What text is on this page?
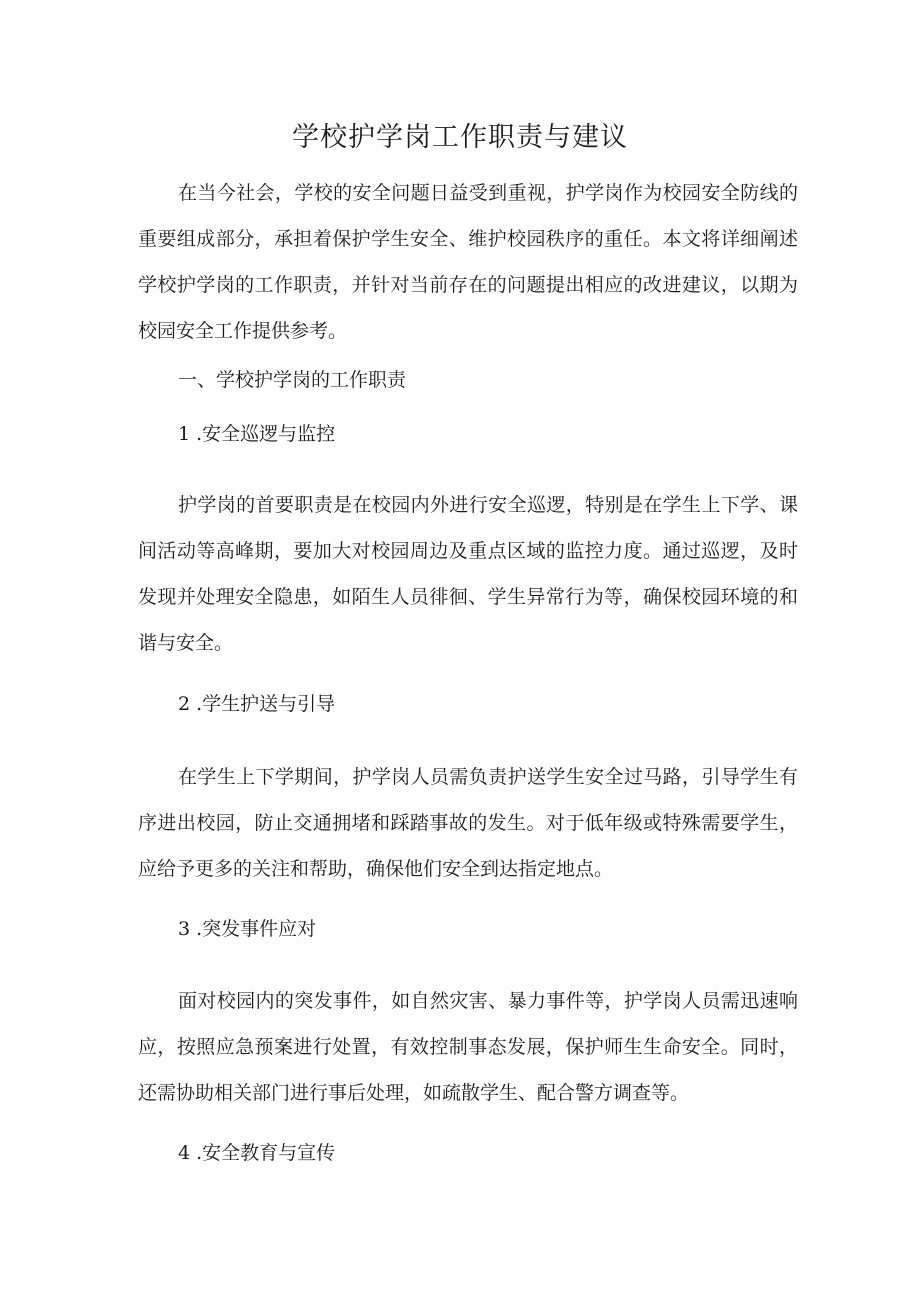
学校护学岗工作职责与建议

在当今社会，学校的安全问题日益受到重视，护学岗作为校园安全防线的重要组成部分，承担着保护学生安全、维护校园秩序的重任。本文将详细阐述学校护学岗的工作职责，并针对当前存在的问题提出相应的改进建议，以期为校园安全工作提供参考。

一、学校护学岗的工作职责

1 .安全巡逻与监控

护学岗的首要职责是在校园内外进行安全巡逻，特别是在学生上下学、课间活动等高峰期，要加大对校园周边及重点区域的监控力度。通过巡逻，及时发现并处理安全隐患，如陌生人员徘徊、学生异常行为等，确保校园环境的和谐与安全。

2 .学生护送与引导

在学生上下学期间，护学岗人员需负责护送学生安全过马路，引导学生有序进出校园，防止交通拥堵和踩踏事故的发生。对于低年级或特殊需要学生，应给予更多的关注和帮助，确保他们安全到达指定地点。

3 .突发事件应对

面对校园内的突发事件，如自然灾害、暴力事件等，护学岗人员需迅速响应，按照应急预案进行处置，有效控制事态发展，保护师生生命安全。同时，还需协助相关部门进行事后处理，如疏散学生、配合警方调查等。

4 .安全教育与宣传
